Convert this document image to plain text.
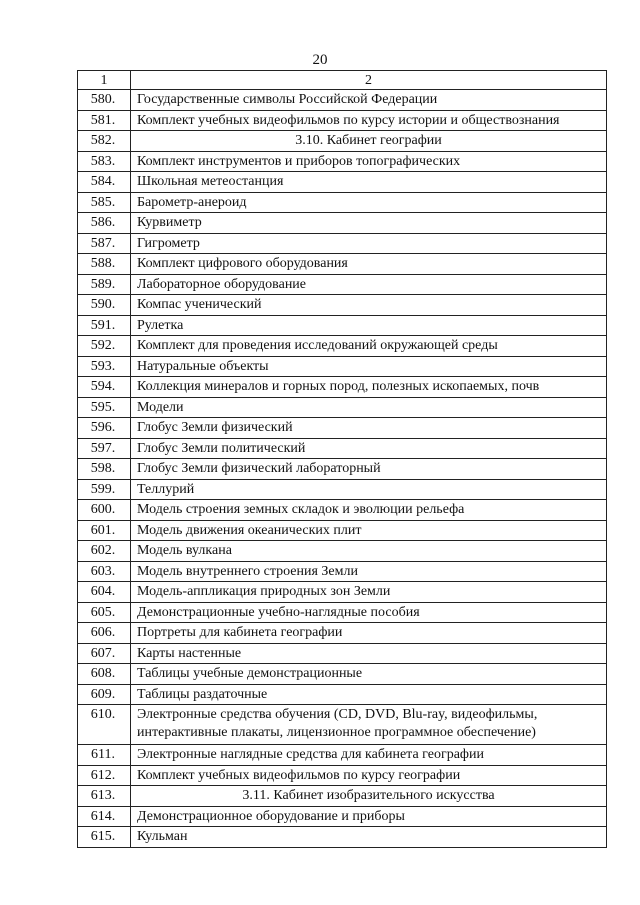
20
1	2
580.	Государственные символы Российской Федерации
581.	Комплект учебных видеофильмов по курсу истории и обществознания
582.	3.10. Кабинет географии
583.	Комплект инструментов и приборов топографических
584.	Школьная метеостанция
585.	Барометр-анероид
586.	Курвиметр
587.	Гигрометр
588.	Комплект цифрового оборудования
589.	Лабораторное оборудование
590.	Компас ученический
591.	Рулетка
592.	Комплект для проведения исследований окружающей среды
593.	Натуральные объекты
594.	Коллекция минералов и горных пород, полезных ископаемых, почв
595.	Модели
596.	Глобус Земли физический
597.	Глобус Земли политический
598.	Глобус Земли физический лабораторный
599.	Теллурий
600.	Модель строения земных складок и эволюции рельефа
601.	Модель движения океанических плит
602.	Модель вулкана
603.	Модель внутреннего строения Земли
604.	Модель-аппликация природных зон Земли
605.	Демонстрационные учебно-наглядные пособия
606.	Портреты для кабинета географии
607.	Карты настенные
608.	Таблицы учебные демонстрационные
609.	Таблицы раздаточные
610.	Электронные средства обучения (CD, DVD, Blu-ray, видеофильмы, интерактивные плакаты, лицензионное программное обеспечение)
611.	Электронные наглядные средства для кабинета географии
612.	Комплект учебных видеофильмов по курсу географии
613.	3.11. Кабинет изобразительного искусства
614.	Демонстрационное оборудование и приборы
615.	Кульман
